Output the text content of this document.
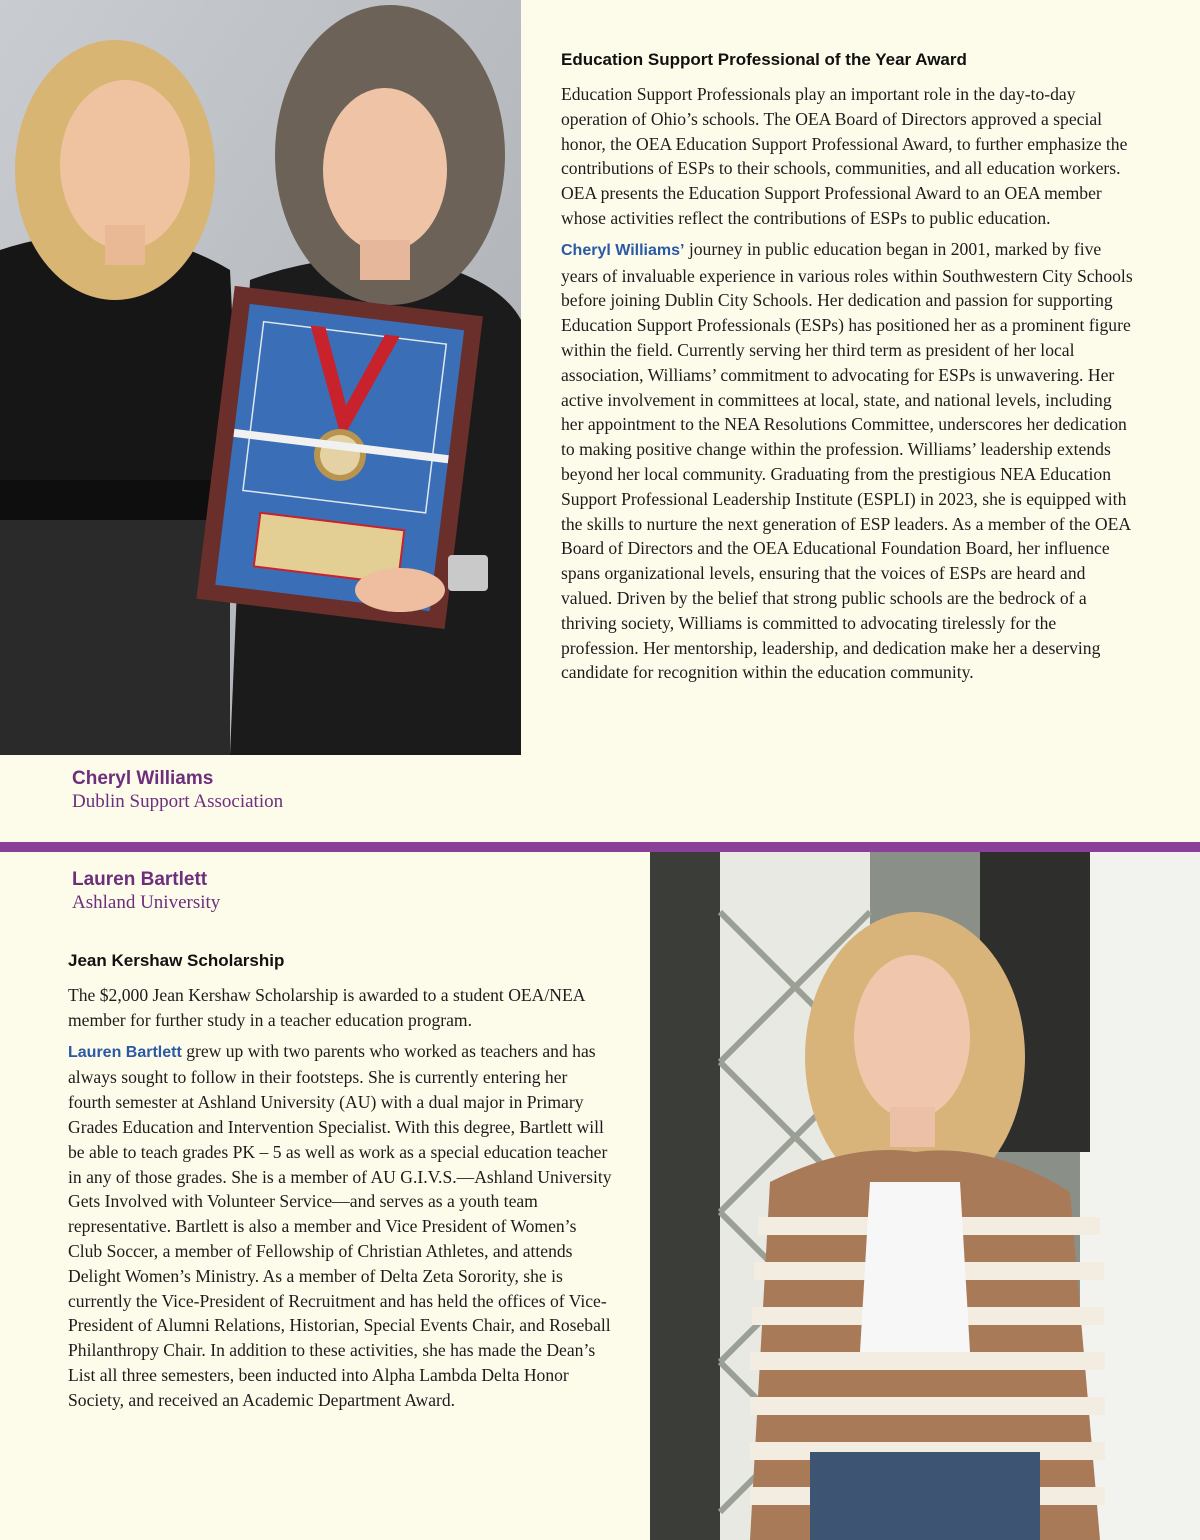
Education Support Professional of the Year Award

Education Support Professionals play an important role in the day-to-day operation of Ohio’s schools. The OEA Board of Directors approved a special honor, the OEA Education Support Professional Award, to further emphasize the contributions of ESPs to their schools, communities, and all education workers. OEA presents the Education Support Professional Award to an OEA member whose activities reflect the contributions of ESPs to public education.

Cheryl Williams’ journey in public education began in 2001, marked by five years of invaluable experience in various roles within Southwestern City Schools before joining Dublin City Schools. Her dedication and passion for supporting Education Support Professionals (ESPs) has positioned her as a prominent figure within the field. Currently serving her third term as president of her local association, Williams’ commitment to advocating for ESPs is unwavering. Her active involvement in committees at local, state, and national levels, including her appointment to the NEA Resolutions Committee, underscores her dedication to making positive change within the profession. Williams’ leadership extends beyond her local community. Graduating from the prestigious NEA Education Support Professional Leadership Institute (ESPLI) in 2023, she is equipped with the skills to nurture the next generation of ESP leaders. As a member of the OEA Board of Directors and the OEA Educational Foundation Board, her influence spans organizational levels, ensuring that the voices of ESPs are heard and valued. Driven by the belief that strong public schools are the bedrock of a thriving society, Williams is committed to advocating tirelessly for the profession. Her mentorship, leadership, and dedication make her a deserving candidate for recognition within the education community.

Cheryl Williams
Dublin Support Association
Lauren Bartlett
Ashland University
Jean Kershaw Scholarship

The $2,000 Jean Kershaw Scholarship is awarded to a student OEA/NEA member for further study in a teacher education program.

Lauren Bartlett grew up with two parents who worked as teachers and has always sought to follow in their footsteps. She is currently entering her fourth semester at Ashland University (AU) with a dual major in Primary Grades Education and Intervention Specialist. With this degree, Bartlett will be able to teach grades PK – 5 as well as work as a special education teacher in any of those grades. She is a member of AU G.I.V.S.—Ashland University Gets Involved with Volunteer Service—and serves as a youth team representative. Bartlett is also a member and Vice President of Women’s Club Soccer, a member of Fellowship of Christian Athletes, and attends Delight Women’s Ministry. As a member of Delta Zeta Sorority, she is currently the Vice-President of Recruitment and has held the offices of Vice-President of Alumni Relations, Historian, Special Events Chair, and Roseball Philanthropy Chair. In addition to these activities, she has made the Dean’s List all three semesters, been inducted into Alpha Lambda Delta Honor Society, and received an Academic Department Award.
